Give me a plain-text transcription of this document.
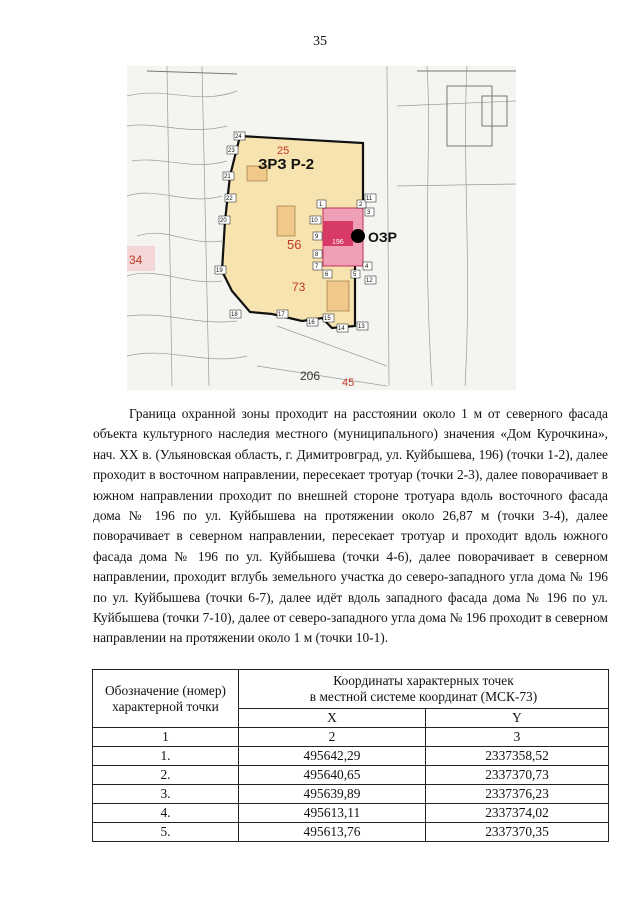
35
25
56
73
34
206 45
196
ЗРЗ Р-2
ОЗР
1	2
3
4
5
6
7
8
9
10
11
12
13
14
15
16
17
18
19
20
21
22
23
24

Граница охранной зоны проходит на расстоянии около 1 м от северного фасада объекта культурного наследия местного (муниципального) значения «Дом Курочкина», нач. XX в. (Ульяновская область, г. Димитровград, ул. Куйбышева, 196) (точки 1-2), далее проходит в восточном направлении, пересекает тротуар (точки 2-3), далее поворачивает в южном направлении проходит по внешней стороне тротуара вдоль восточного фасада дома № 196 по ул. Куйбышева на протяжении около 26,87 м (точки 3-4), далее поворачивает в северном направлении, пересекает тротуар и проходит вдоль южного фасада дома № 196 по ул. Куйбышева (точки 4-6), далее поворачивает в северном направлении, проходит вглубь земельного участка до северо-западного угла дома № 196 по ул. Куйбышева (точки 6-7), далее идёт вдоль западного фасада дома № 196 по ул. Куйбышева (точки 7-10), далее от северо-западного угла дома № 196 проходит в северном направлении на протяжении около 1 м (точки 10-1).

Обозначение (номер) характерной точки	Координаты характерных точек
в местной системе координат (МСК-73)	
	X	Y
1	2	3
1.	495642,29	2337358,52
2.	495640,65	2337370,73
3.	495639,89	2337376,23
4.	495613,11	2337374,02
5.	495613,76	2337370,35
